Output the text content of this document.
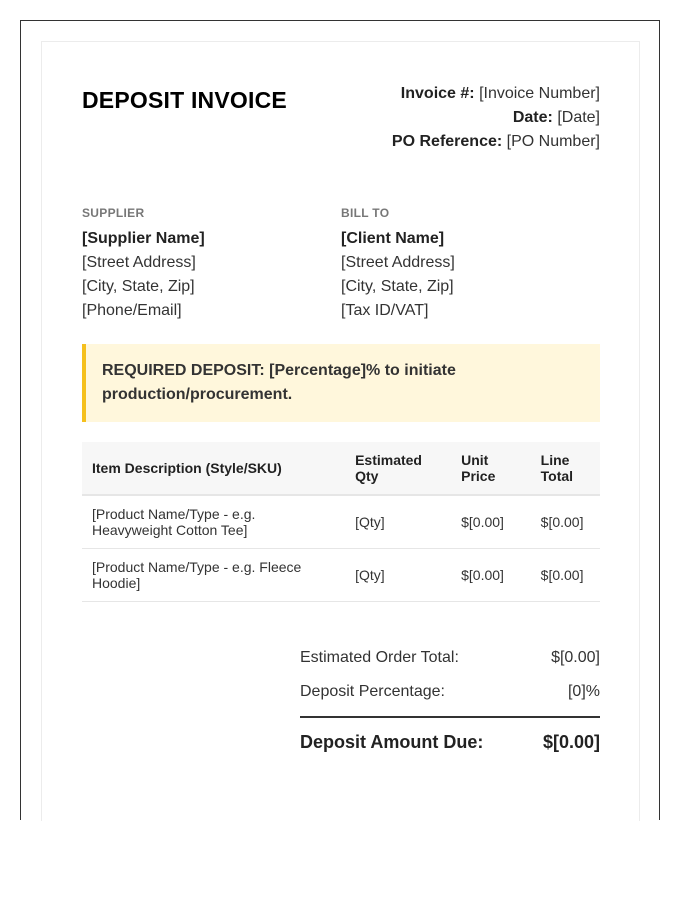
DEPOSIT INVOICE	Invoice #: [Invoice Number]
Date: [Date]
PO Reference: [PO Number]
SUPPLIER
[Supplier Name]
[Street Address]
[City, State, Zip]
[Phone/Email]
BILL TO
[Client Name]
[Street Address]
[City, State, Zip]
[Tax ID/VAT]
REQUIRED DEPOSIT: [Percentage]% to initiate production/procurement.
Item Description (Style/SKU)	Estimated Qty	Unit Price	Line Total
[Product Name/Type - e.g. Heavyweight Cotton Tee]	[Qty]	$[0.00]	$[0.00]
[Product Name/Type - e.g. Fleece Hoodie]	[Qty]	$[0.00]	$[0.00]
Estimated Order Total:	$[0.00]
Deposit Percentage:	[0]%
Deposit Amount Due:	$[0.00]
